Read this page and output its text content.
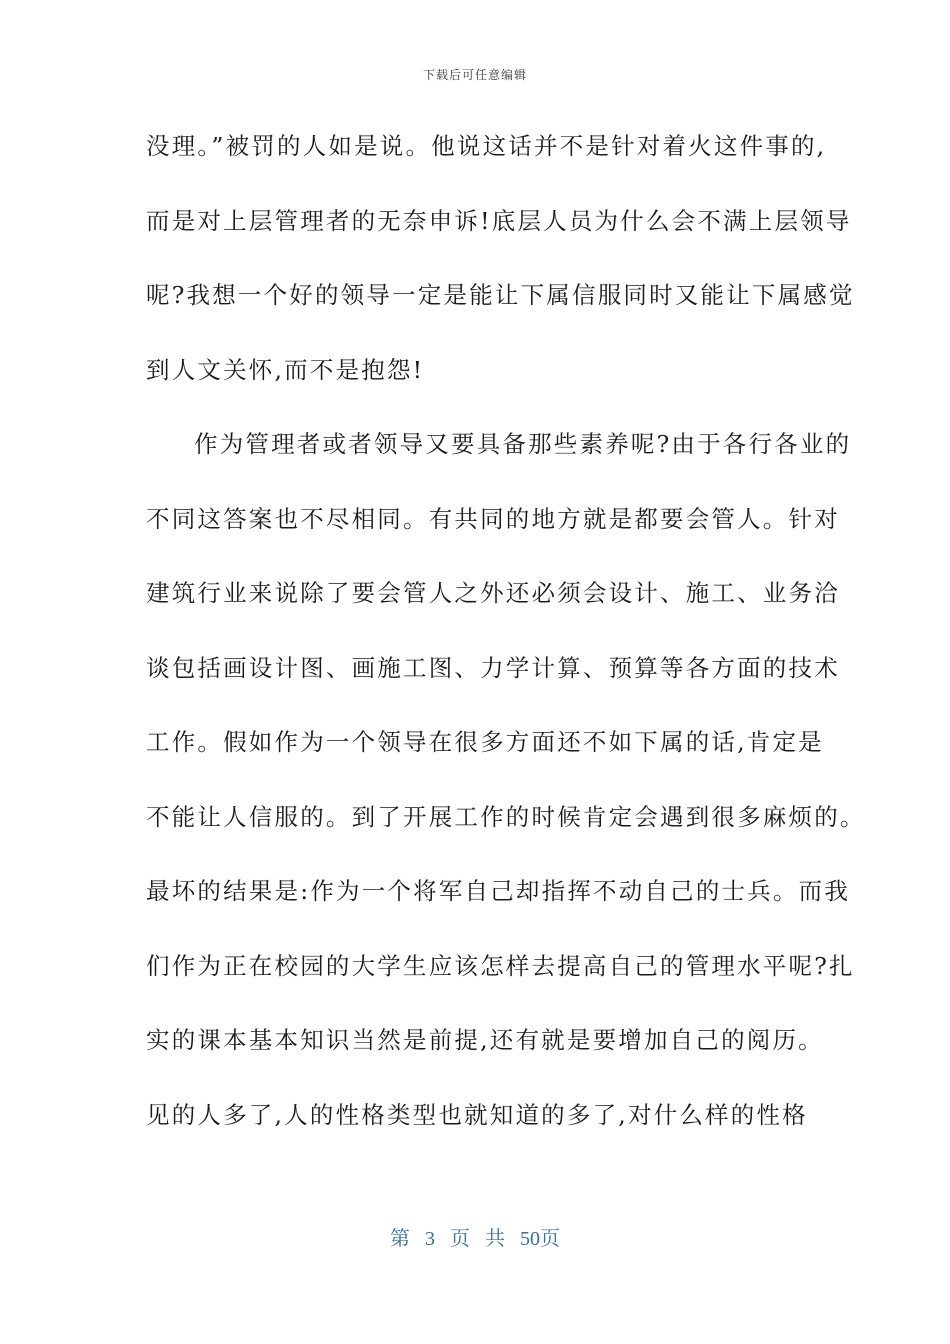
下载后可任意编辑
没理。”被罚的人如是说。他说这话并不是针对着火这件事的,
而是对上层管理者的无奈申诉!底层人员为什么会不满上层领导
呢?我想一个好的领导一定是能让下属信服同时又能让下属感觉
到人文关怀,而不是抱怨!
作为管理者或者领导又要具备那些素养呢?由于各行各业的
不同这答案也不尽相同。有共同的地方就是都要会管人。针对
建筑行业来说除了要会管人之外还必须会设计、施工、业务洽
谈包括画设计图、画施工图、力学计算、预算等各方面的技术
工作。假如作为一个领导在很多方面还不如下属的话,肯定是
不能让人信服的。到了开展工作的时候肯定会遇到很多麻烦的。
最坏的结果是:作为一个将军自己却指挥不动自己的士兵。而我
们作为正在校园的大学生应该怎样去提高自己的管理水平呢?扎
实的课本基本知识当然是前提,还有就是要增加自己的阅历。
见的人多了,人的性格类型也就知道的多了,对什么样的性格
第 3 页 共 50页
